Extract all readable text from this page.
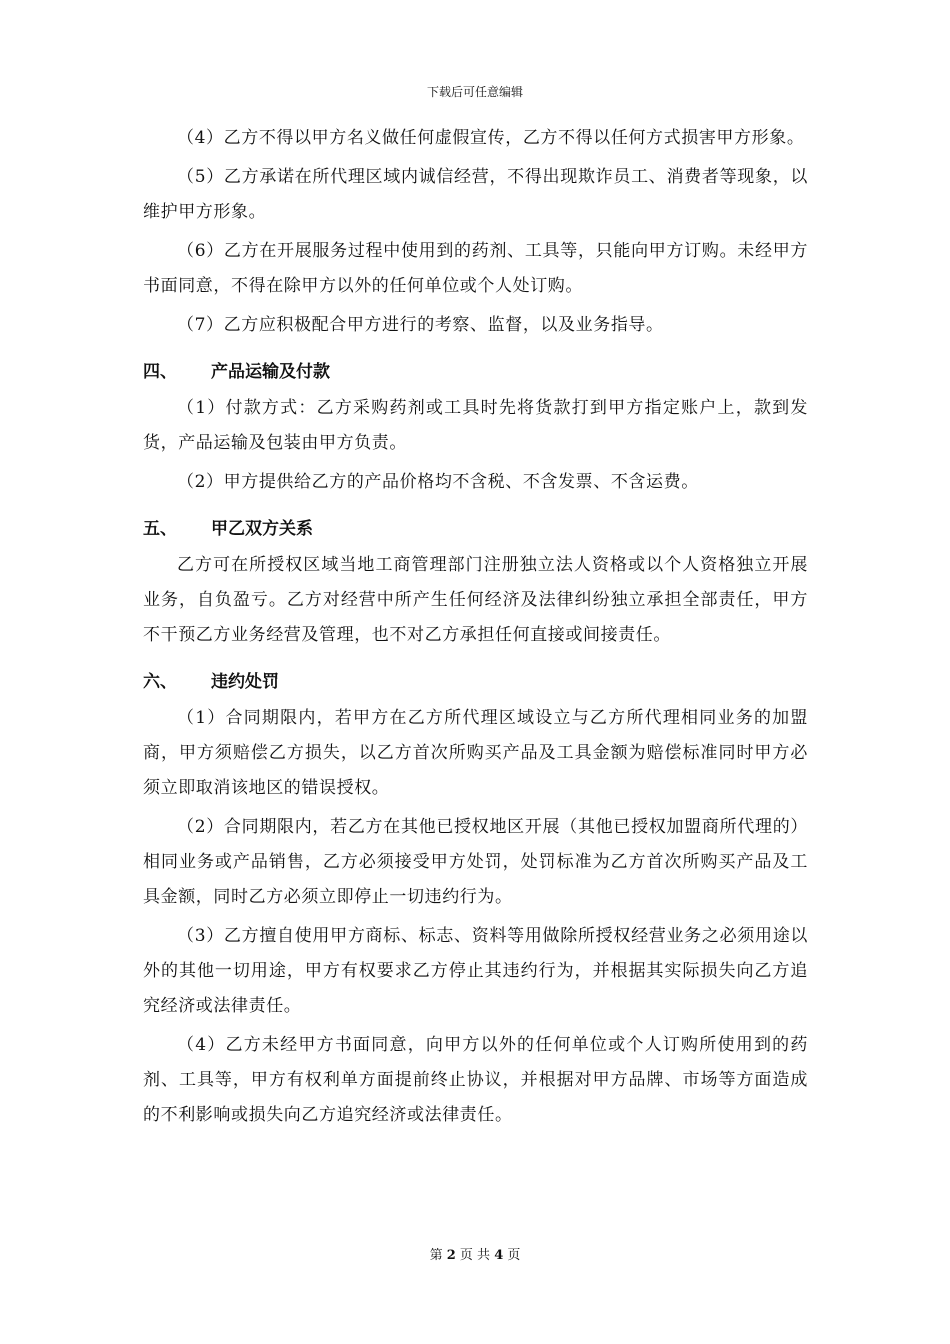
下载后可任意编辑

（4）乙方不得以甲方名义做任何虚假宣传，乙方不得以任何方式损害甲方形象。

（5）乙方承诺在所代理区域内诚信经营，不得出现欺诈员工、消费者等现象，以维护甲方形象。

（6）乙方在开展服务过程中使用到的药剂、工具等，只能向甲方订购。未经甲方书面同意，不得在除甲方以外的任何单位或个人处订购。

（7）乙方应积极配合甲方进行的考察、监督，以及业务指导。

四、	产品运输及付款

（1）付款方式：乙方采购药剂或工具时先将货款打到甲方指定账户上，款到发货，产品运输及包装由甲方负责。

（2）甲方提供给乙方的产品价格均不含税、不含发票、不含运费。

五、	甲乙双方关系

乙方可在所授权区域当地工商管理部门注册独立法人资格或以个人资格独立开展业务，自负盈亏。乙方对经营中所产生任何经济及法律纠纷独立承担全部责任，甲方不干预乙方业务经营及管理，也不对乙方承担任何直接或间接责任。

六、	违约处罚

（1）合同期限内，若甲方在乙方所代理区域设立与乙方所代理相同业务的加盟商，甲方须赔偿乙方损失，以乙方首次所购买产品及工具金额为赔偿标准同时甲方必须立即取消该地区的错误授权。

（2）合同期限内，若乙方在其他已授权地区开展（其他已授权加盟商所代理的）相同业务或产品销售，乙方必须接受甲方处罚，处罚标准为乙方首次所购买产品及工具金额，同时乙方必须立即停止一切违约行为。

（3）乙方擅自使用甲方商标、标志、资料等用做除所授权经营业务之必须用途以外的其他一切用途，甲方有权要求乙方停止其违约行为，并根据其实际损失向乙方追究经济或法律责任。

（4）乙方未经甲方书面同意，向甲方以外的任何单位或个人订购所使用到的药剂、工具等，甲方有权利单方面提前终止协议，并根据对甲方品牌、市场等方面造成的不利影响或损失向乙方追究经济或法律责任。

第 2 页 共 4 页
